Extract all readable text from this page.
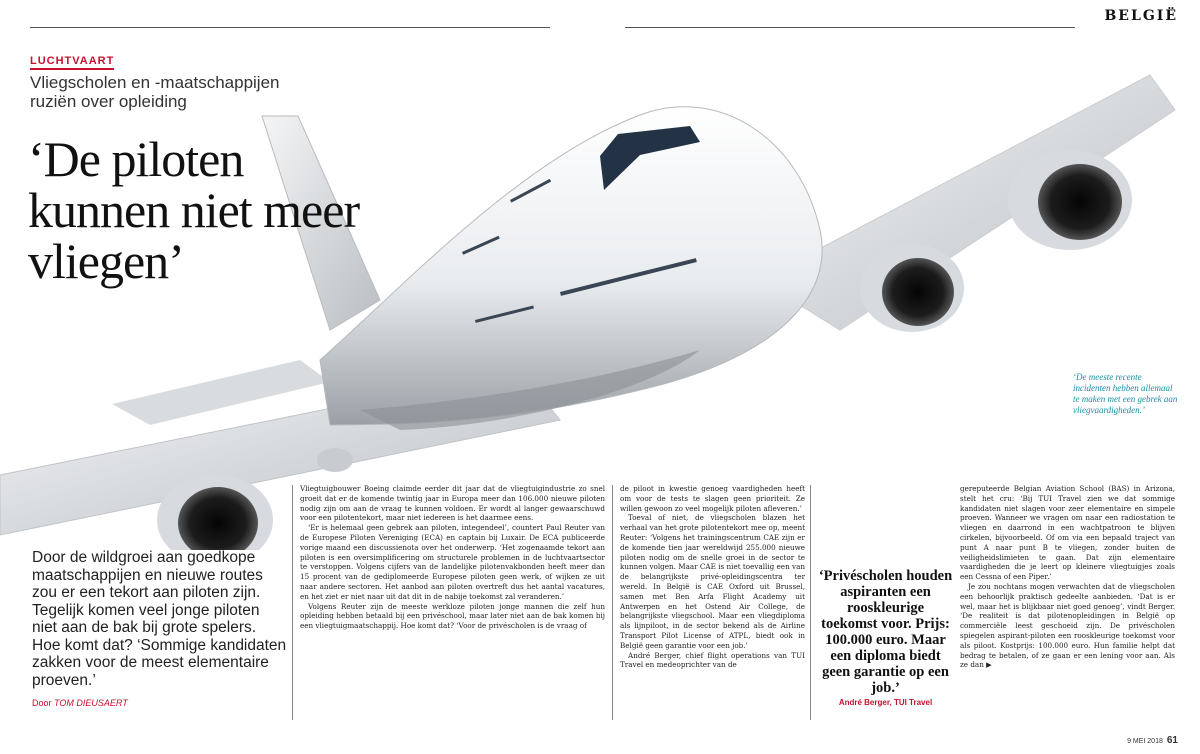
BELGIË
LUCHTVAART
Vliegscholen en -maatschappijen ruziën over opleiding
‘De piloten kunnen niet meer vliegen’
Door de wildgroei aan goedkope maatschappijen en nieuwe routes zou er een tekort aan piloten zijn. Tegelijk komen veel jonge piloten niet aan de bak bij grote spelers. Hoe komt dat? ‘Sommige kandidaten zakken voor de meest elementaire proeven.’
Door TOM DIEUSAERT

Vliegtuigbouwer Boeing claimde eerder dit jaar dat de vliegtuigindustrie zo snel groeit dat er de komende twintig jaar in Europa meer dan 106.000 nieuwe piloten nodig zijn om aan de vraag te kunnen voldoen. Er wordt al langer gewaarschuwd voor een pilotentekort, maar niet iedereen is het daarmee eens.

‘Er is helemaal geen gebrek aan piloten, integendeel’, countert Paul Reuter van de Europese Piloten Vereniging (ECA) en captain bij Luxair. De ECA publiceerde vorige maand een discussienota over het onderwerp. ‘Het zogenaamde tekort aan piloten is een oversimplificering om structurele problemen in de luchtvaartsector te verstoppen. Volgens cijfers van de landelijke pilotenvakbonden heeft meer dan 15 procent van de gediplomeerde Europese piloten geen werk, of wijken ze uit naar andere sectoren. Het aanbod aan piloten overtreft dus het aantal vacatures, en het ziet er niet naar uit dat dit in de nabije toekomst zal veranderen.’

Volgens Reuter zijn de meeste werkloze piloten jonge mannen die zelf hun opleiding hebben betaald bij een privéschool, maar later niet aan de bak komen bij een vliegtuigmaatschappij. Hoe komt dat? ‘Voor de privéscholen is de vraag of

de piloot in kwestie genoeg vaardigheden heeft om voor de tests te slagen geen prioriteit. Ze willen gewoon zo veel mogelijk piloten afleveren.’

Toeval of niet, de vliegscholen blazen het verhaal van het grote pilotentekort mee op, meent Reuter: ‘Volgens het trainingscentrum CAE zijn er de komende tien jaar wereldwijd 255.000 nieuwe piloten nodig om de snelle groei in de sector te kunnen volgen. Maar CAE is niet toevallig een van de belangrijkste privé-opleidingscentra ter wereld. In België is CAE Oxford uit Brussel, samen met Ben Arfa Flight Academy uit Antwerpen en het Ostend Air College, de belangrijkste vliegschool. Maar een vliegdiploma als lijnpiloot, in de sector bekend als de Airline Transport Pilot License of ATPL, biedt ook in België geen garantie voor een job.’

André Berger, chief flight operations van TUI Travel en medeoprichter van de

‘Privéscholen houden aspiranten een rooskleurige toekomst voor. Prijs: 100.000 euro. Maar een diploma biedt geen garantie op een job.’
André Berger, TUI Travel

gereputeerde Belgian Aviation School (BAS) in Arizona, stelt het cru: ‘Bij TUI Travel zien we dat sommige kandidaten niet slagen voor zeer elementaire en simpele proeven. Wanneer we vragen om naar een radiostation te vliegen en daarrond in een wachtpatroon te blijven cirkelen, bijvoorbeeld. Of om via een bepaald traject van punt A naar punt B te vliegen, zonder buiten de veiligheidslimieten te gaan. Dat zijn elementaire vaardigheden die je leert op kleinere vliegtuigjes zoals een Cessna of een Piper.’

Je zou nochtans mogen verwachten dat de vliegscholen een behoorlijk praktisch gedeelte aanbieden. ‘Dat is er wel, maar het is blijkbaar niet goed genoeg’, vindt Berger. ‘De realiteit is dat pilotenopleidingen in België op commerciële leest geschoeid zijn. De privéscholen spiegelen aspirant-piloten een rooskleurige toekomst voor als piloot. Kostprijs: 100.000 euro. Hun familie helpt dat bedrag te betalen, of ze gaan er een lening voor aan. Als ze dan ▶

‘De meeste recente incidenten hebben allemaal te maken met een gebrek aan vliegvaardigheden.’
9 MEI 2018 61
